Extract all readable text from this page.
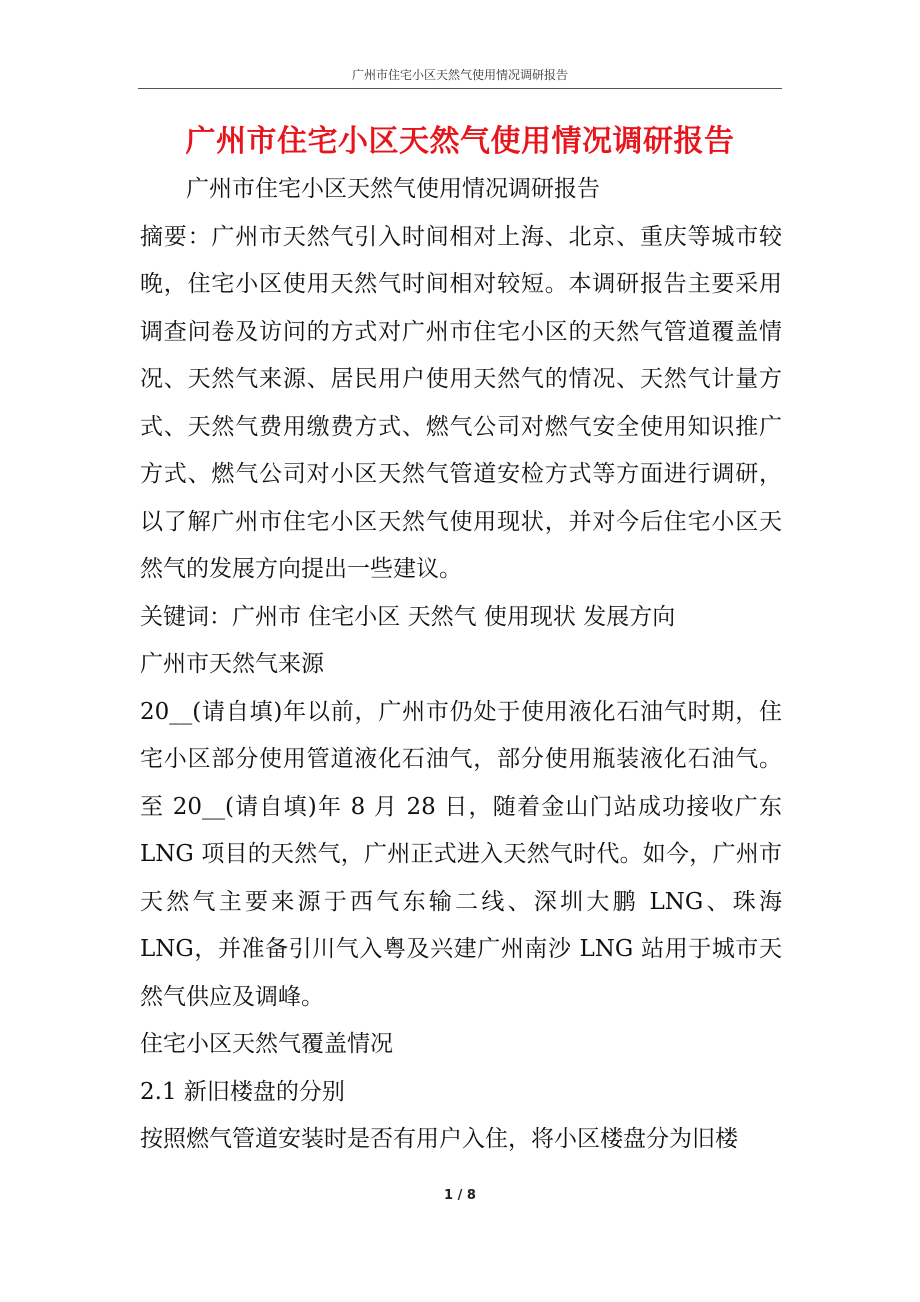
广州市住宅小区天然气使用情况调研报告
广州市住宅小区天然气使用情况调研报告

广州市住宅小区天然气使用情况调研报告

摘要：广州市天然气引入时间相对上海、北京、重庆等城市较晚，住宅小区使用天然气时间相对较短。本调研报告主要采用调查问卷及访问的方式对广州市住宅小区的天然气管道覆盖情况、天然气来源、居民用户使用天然气的情况、天然气计量方式、天然气费用缴费方式、燃气公司对燃气安全使用知识推广方式、燃气公司对小区天然气管道安检方式等方面进行调研，以了解广州市住宅小区天然气使用现状，并对今后住宅小区天然气的发展方向提出一些建议。

关键词：广州市 住宅小区 天然气 使用现状 发展方向

广州市天然气来源

20__(请自填)年以前，广州市仍处于使用液化石油气时期，住宅小区部分使用管道液化石油气，部分使用瓶装液化石油气。至 20__(请自填)年 8 月 28 日，随着金山门站成功接收广东 LNG 项目的天然气，广州正式进入天然气时代。如今，广州市天然气主要来源于西气东输二线、深圳大鹏 LNG、珠海 LNG，并准备引川气入粤及兴建广州南沙 LNG 站用于城市天然气供应及调峰。

住宅小区天然气覆盖情况

2.1 新旧楼盘的分别

按照燃气管道安装时是否有用户入住，将小区楼盘分为旧楼

1 / 8
